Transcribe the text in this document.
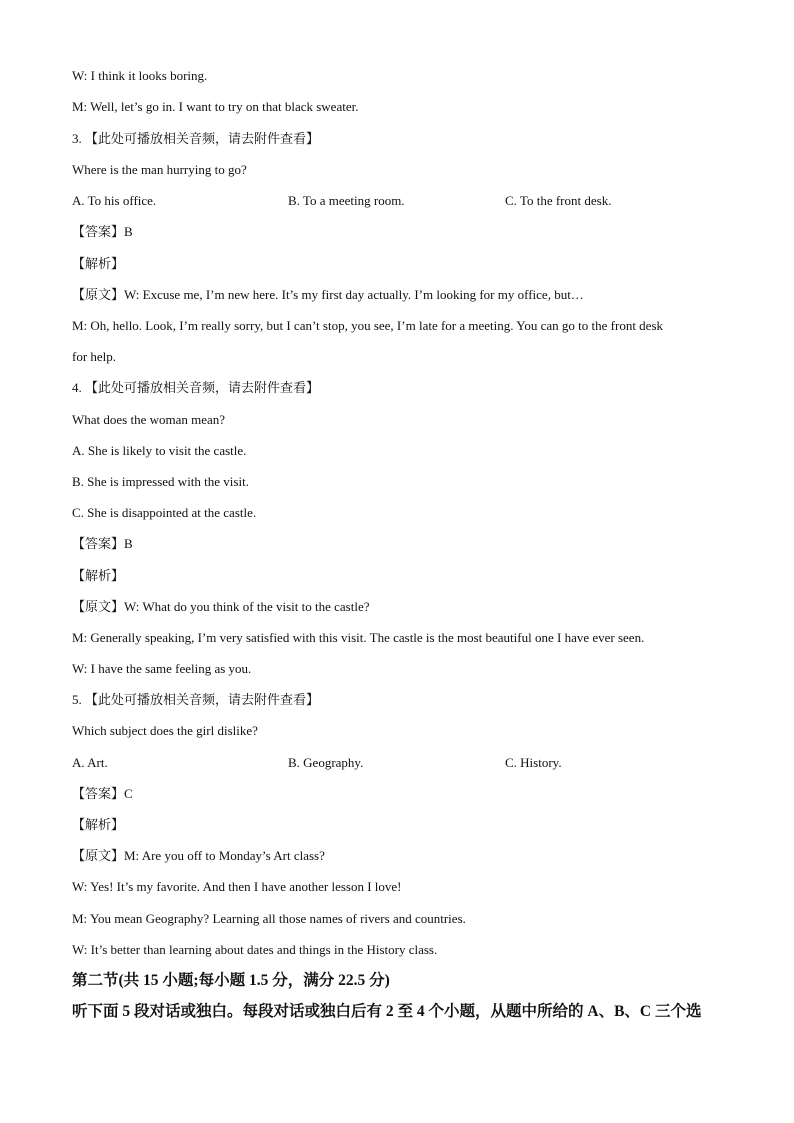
W: I think it looks boring.
M: Well, let’s go in. I want to try on that black sweater.
3. 【此处可播放相关音频，请去附件查看】
Where is the man hurrying to go?
A. To his office.	B. To a meeting room.	C. To the front desk.
【答案】B
【解析】
【原文】W: Excuse me, I’m new here. It’s my first day actually. I’m looking for my office, but…
M: Oh, hello. Look, I’m really sorry, but I can’t stop, you see, I’m late for a meeting. You can go to the front desk
for help.
4. 【此处可播放相关音频，请去附件查看】
What does the woman mean?
A. She is likely to visit the castle.
B. She is impressed with the visit.
C. She is disappointed at the castle.
【答案】B
【解析】
【原文】W: What do you think of the visit to the castle?
M: Generally speaking, I’m very satisfied with this visit. The castle is the most beautiful one I have ever seen.
W: I have the same feeling as you.
5. 【此处可播放相关音频，请去附件查看】
Which subject does the girl dislike?
A. Art.	B. Geography.	C. History.
【答案】C
【解析】
【原文】M: Are you off to Monday’s Art class?
W: Yes! It’s my favorite. And then I have another lesson I love!
M: You mean Geography? Learning all those names of rivers and countries.
W: It’s better than learning about dates and things in the History class.
第二节(共 15 小题;每小题 1.5 分，满分 22.5 分)
听下面 5 段对话或独白。每段对话或独白后有 2 至 4 个小题，从题中所给的 A、B、C 三个选
